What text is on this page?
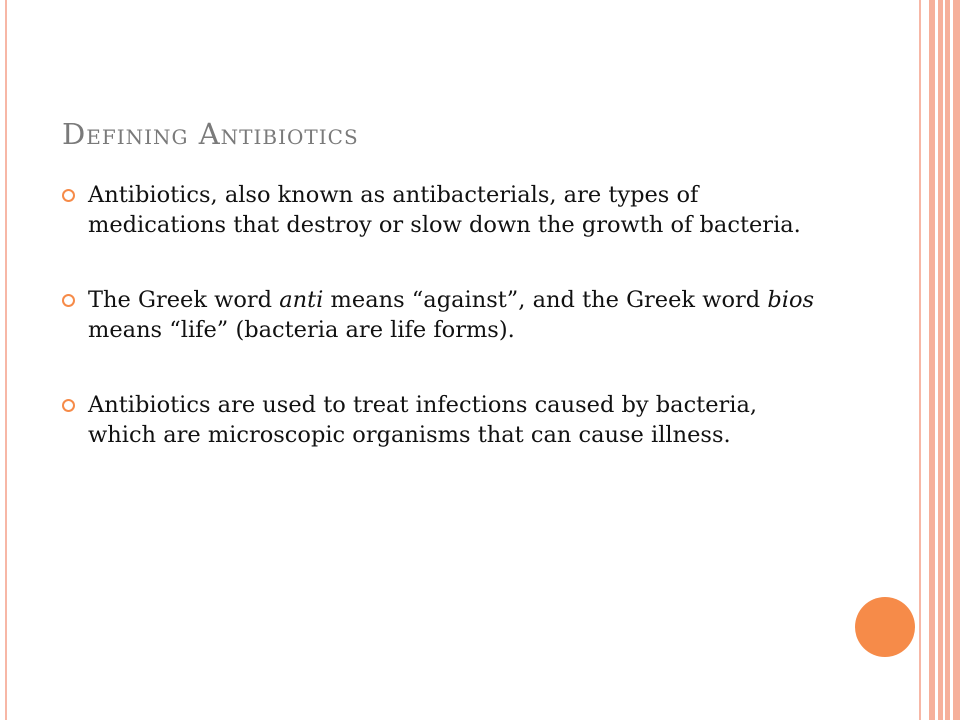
Defining Antibiotics
Antibiotics, also known as antibacterials, are types of medications that destroy or slow down the growth of bacteria.
The Greek word anti means “against”, and the Greek word bios means “life” (bacteria are life forms).
Antibiotics are used to treat infections caused by bacteria, which are microscopic organisms that can cause illness.
